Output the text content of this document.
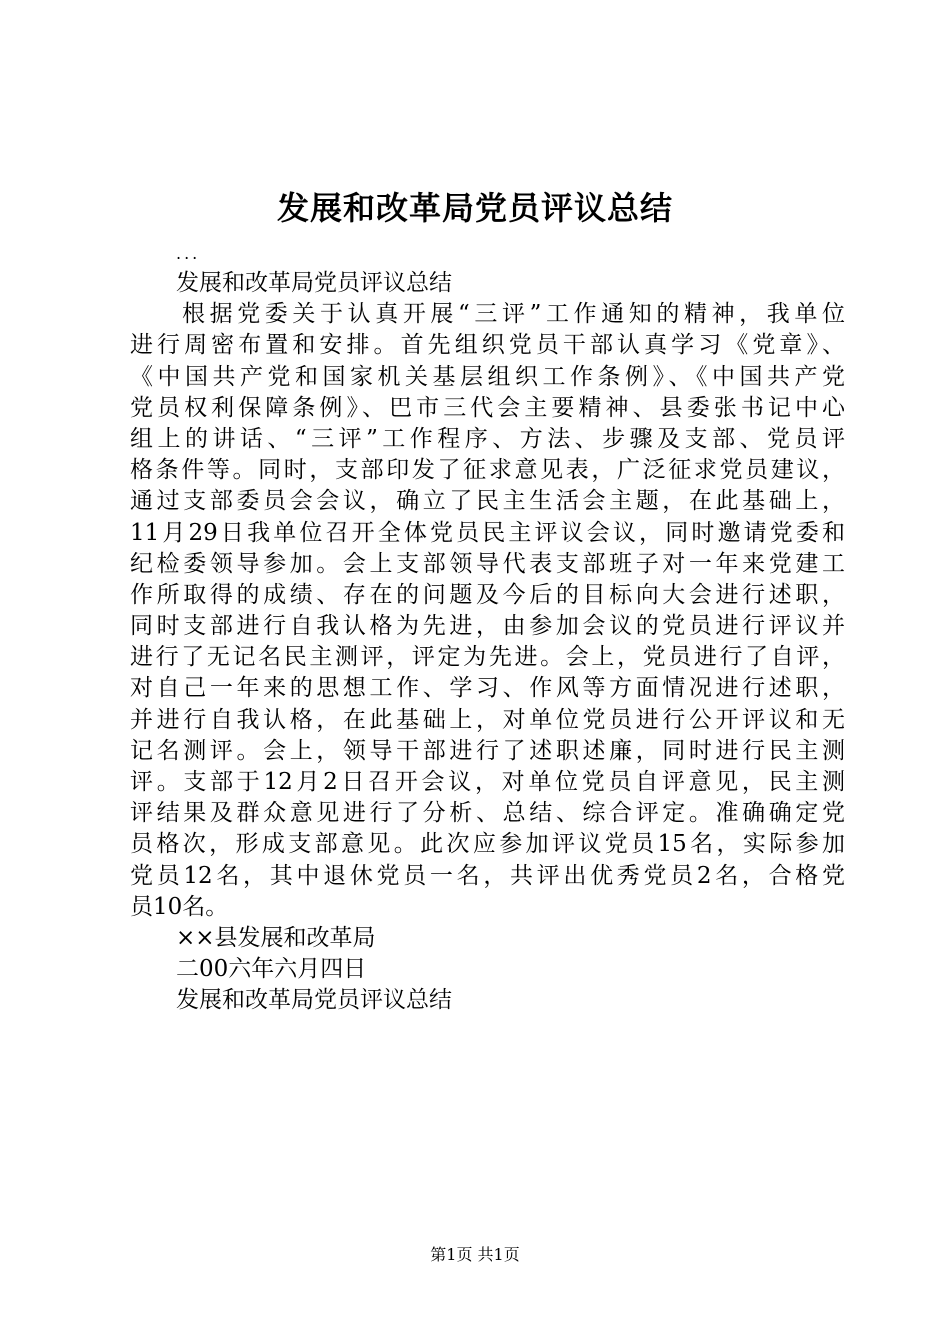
发展和改革局党员评议总结
...
发展和改革局党员评议总结
根据党委关于认真开展“三评”工作通知的精神，我单位
进行周密布置和安排。首先组织党员干部认真学习《党章》、
《中国共产党和国家机关基层组织工作条例》、《中国共产党
党员权利保障条例》、巴市三代会主要精神、县委张书记中心
组上的讲话、“三评”工作程序、方法、步骤及支部、党员评
格条件等。同时，支部印发了征求意见表，广泛征求党员建议，
通过支部委员会会议，确立了民主生活会主题，在此基础上，
11月29日我单位召开全体党员民主评议会议，同时邀请党委和
纪检委领导参加。会上支部领导代表支部班子对一年来党建工
作所取得的成绩、存在的问题及今后的目标向大会进行述职，
同时支部进行自我认格为先进，由参加会议的党员进行评议并
进行了无记名民主测评，评定为先进。会上，党员进行了自评，
对自己一年来的思想工作、学习、作风等方面情况进行述职，
并进行自我认格，在此基础上，对单位党员进行公开评议和无
记名测评。会上，领导干部进行了述职述廉，同时进行民主测
评。支部于12月2日召开会议，对单位党员自评意见，民主测
评结果及群众意见进行了分析、总结、综合评定。准确确定党
员格次，形成支部意见。此次应参加评议党员15名，实际参加
党员12名，其中退休党员一名，共评出优秀党员2名，合格党
员10名。
××县发展和改革局
二00六年六月四日
发展和改革局党员评议总结
第1页 共1页
